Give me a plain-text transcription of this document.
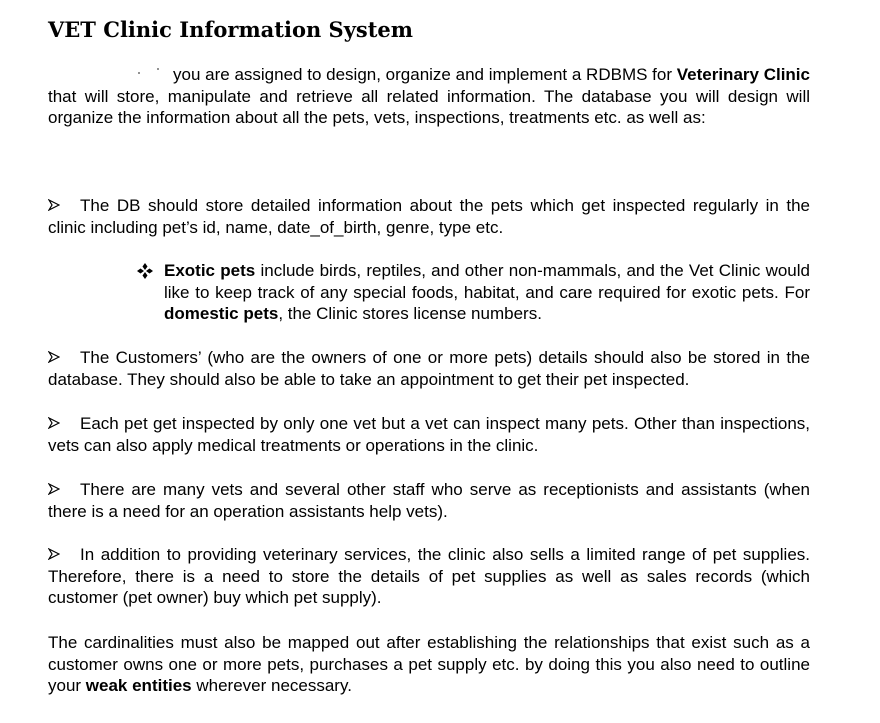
VET Clinic Information System

you are assigned to design, organize and implement a RDBMS for Veterinary Clinic that will store, manipulate and retrieve all related information. The database you will design will organize the information about all the pets, vets, inspections, treatments etc. as well as:

The DB should store detailed information about the pets which get inspected regularly in the clinic including pet’s id, name, date_of_birth, genre, type etc.

Exotic pets include birds, reptiles, and other non-mammals, and the Vet Clinic would like to keep track of any special foods, habitat, and care required for exotic pets. For domestic pets, the Clinic stores license numbers.

The Customers’ (who are the owners of one or more pets) details should also be stored in the database. They should also be able to take an appointment to get their pet inspected.

Each pet get inspected by only one vet but a vet can inspect many pets. Other than inspections, vets can also apply medical treatments or operations in the clinic.

There are many vets and several other staff who serve as receptionists and assistants (when there is a need for an operation assistants help vets).

In addition to providing veterinary services, the clinic also sells a limited range of pet supplies. Therefore, there is a need to store the details of pet supplies as well as sales records (which customer (pet owner) buy which pet supply).

The cardinalities must also be mapped out after establishing the relationships that exist such as a customer owns one or more pets, purchases a pet supply etc. by doing this you also need to outline your weak entities wherever necessary.
